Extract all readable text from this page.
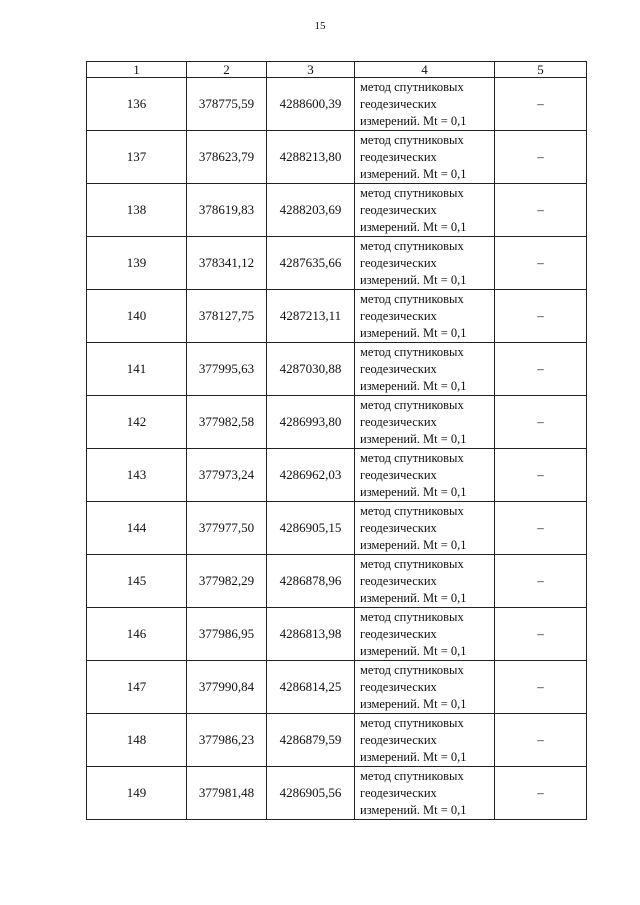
15
1	2	3	4	5
136	378775,59	4288600,39	метод спутниковых
геодезических
измерений. Mt = 0,1	–
137	378623,79	4288213,80	метод спутниковых
геодезических
измерений. Mt = 0,1	–
138	378619,83	4288203,69	метод спутниковых
геодезических
измерений. Mt = 0,1	–
139	378341,12	4287635,66	метод спутниковых
геодезических
измерений. Mt = 0,1	–
140	378127,75	4287213,11	метод спутниковых
геодезических
измерений. Mt = 0,1	–
141	377995,63	4287030,88	метод спутниковых
геодезических
измерений. Mt = 0,1	–
142	377982,58	4286993,80	метод спутниковых
геодезических
измерений. Mt = 0,1	–
143	377973,24	4286962,03	метод спутниковых
геодезических
измерений. Mt = 0,1	–
144	377977,50	4286905,15	метод спутниковых
геодезических
измерений. Mt = 0,1	–
145	377982,29	4286878,96	метод спутниковых
геодезических
измерений. Mt = 0,1	–
146	377986,95	4286813,98	метод спутниковых
геодезических
измерений. Mt = 0,1	–
147	377990,84	4286814,25	метод спутниковых
геодезических
измерений. Mt = 0,1	–
148	377986,23	4286879,59	метод спутниковых
геодезических
измерений. Mt = 0,1	–
149	377981,48	4286905,56	метод спутниковых
геодезических
измерений. Mt = 0,1	–
